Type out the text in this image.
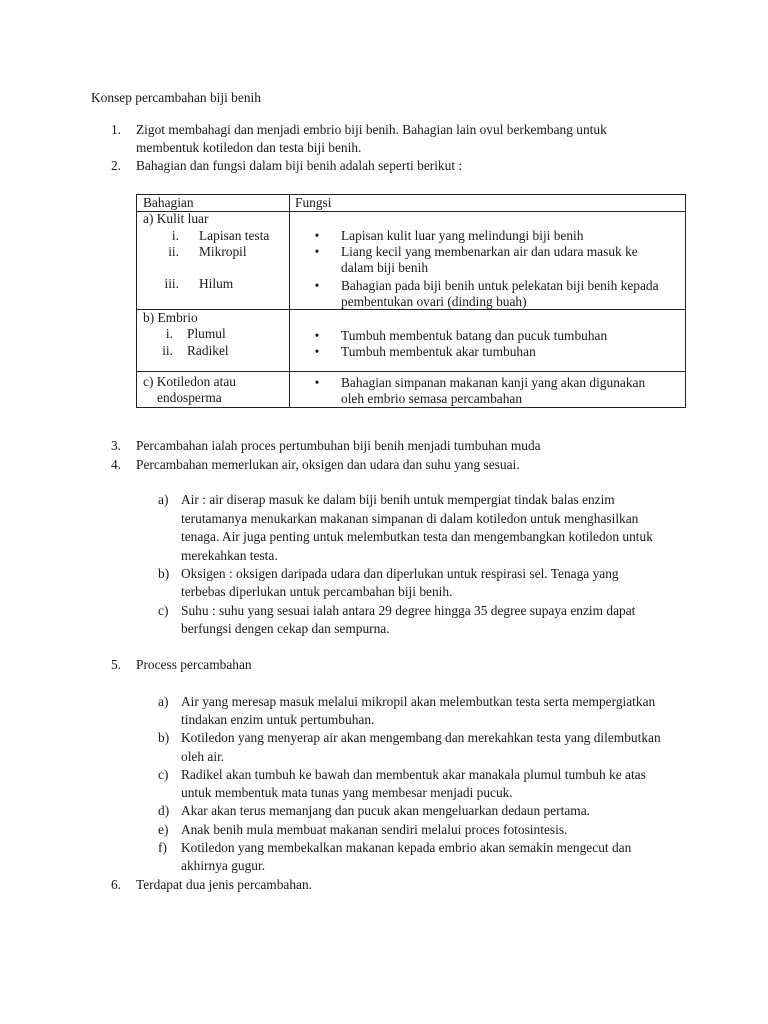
Konsep percambahan biji benih
1. Zigot membahagi dan menjadi embrio biji benih. Bahagian lain ovul berkembang untuk
membentuk kotiledon dan testa biji benih.
2. Bahagian dan fungsi dalam biji benih adalah seperti berikut :
Bahagian	Fungsi
a) Kulit luar
i. Lapisan testa
ii. Mikropil
iii. Hilum
• Lapisan kulit luar yang melindungi biji benih
• Liang kecil yang membenarkan air dan udara masuk ke
dalam biji benih
• Bahagian pada biji benih untuk pelekatan biji benih kepada
pembentukan ovari (dinding buah)
b) Embrio
i. Plumul
ii. Radikel
• Tumbuh membentuk batang dan pucuk tumbuhan
• Tumbuh membentuk akar tumbuhan
c) Kotiledon atau
endosperma
• Bahagian simpanan makanan kanji yang akan digunakan
oleh embrio semasa percambahan
3. Percambahan ialah proces pertumbuhan biji benih menjadi tumbuhan muda
4. Percambahan memerlukan air, oksigen dan udara dan suhu yang sesuai.
a) Air : air diserap masuk ke dalam biji benih untuk mempergiat tindak balas enzim
terutamanya menukarkan makanan simpanan di dalam kotiledon untuk menghasilkan
tenaga. Air juga penting untuk melembutkan testa dan mengembangkan kotiledon untuk
merekahkan testa.
b) Oksigen : oksigen daripada udara dan diperlukan untuk respirasi sel. Tenaga yang
terbebas diperlukan untuk percambahan biji benih.
c) Suhu : suhu yang sesuai ialah antara 29 degree hingga 35 degree supaya enzim dapat
berfungsi dengen cekap dan sempurna.
5. Process percambahan
a) Air yang meresap masuk melalui mikropil akan melembutkan testa serta mempergiatkan
tindakan enzim untuk pertumbuhan.
b) Kotiledon yang menyerap air akan mengembang dan merekahkan testa yang dilembutkan
oleh air.
c) Radikel akan tumbuh ke bawah dan membentuk akar manakala plumul tumbuh ke atas
untuk membentuk mata tunas yang membesar menjadi pucuk.
d) Akar akan terus memanjang dan pucuk akan mengeluarkan dedaun pertama.
e) Anak benih mula membuat makanan sendiri melalui proces fotosintesis.
f) Kotiledon yang membekalkan makanan kepada embrio akan semakin mengecut dan
akhirnya gugur.
6. Terdapat dua jenis percambahan.
